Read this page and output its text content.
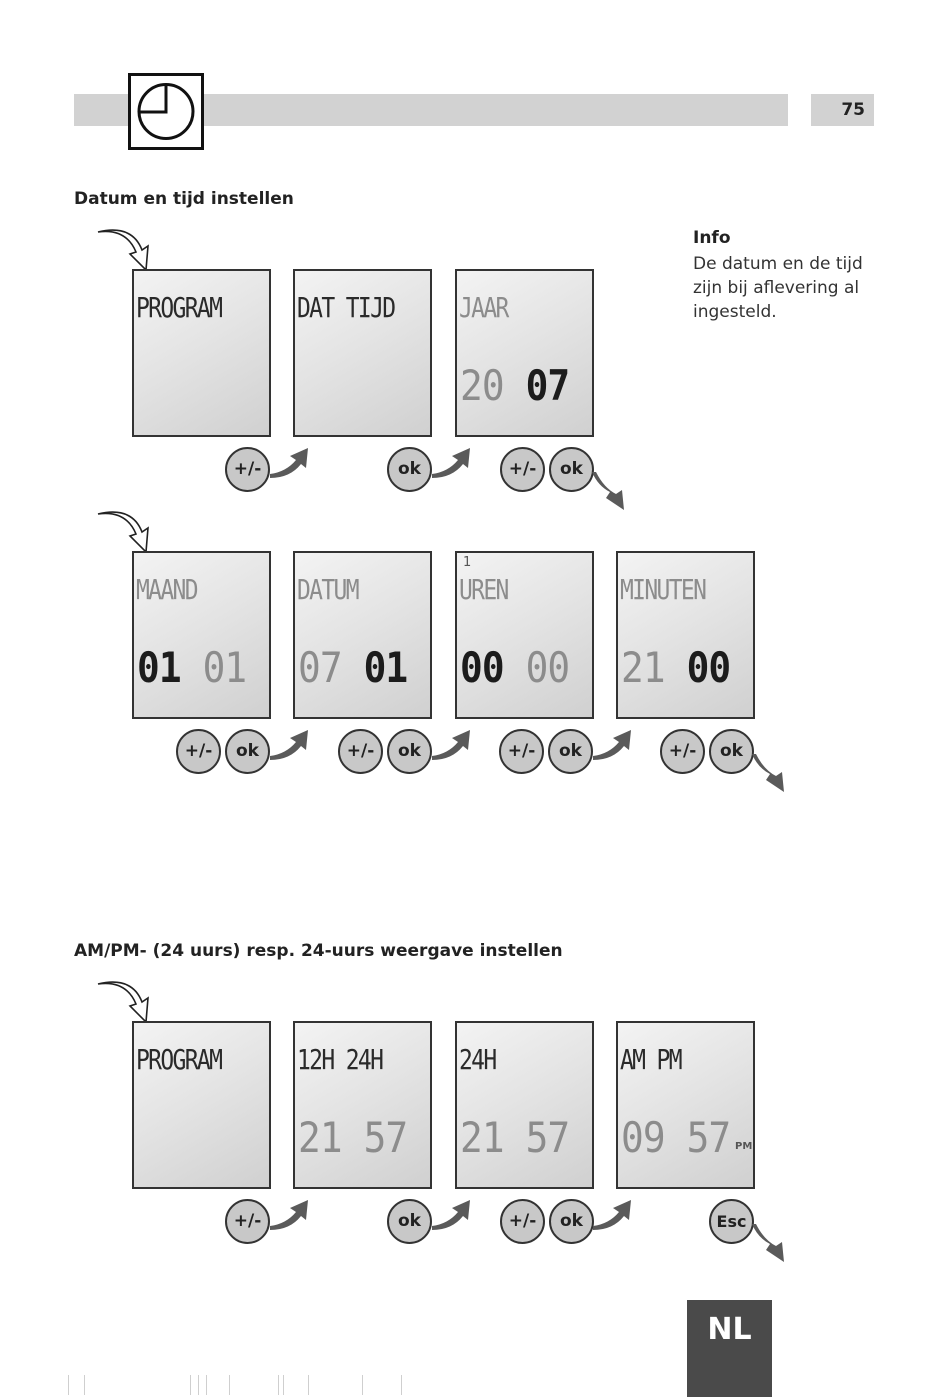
75
Datum en tijd instellen
Info
De datum en de tijd zijn bij aflevering al ingesteld.
PROGRAM	DAT TIJD JAAR
20 07
+/-	ok	+/-	ok
MAAND
01 01
DATUM
07 01
1
UREN
00 00
MINUTEN
21 00
+/-	ok	+/-	ok	+/-	ok	+/-	ok
AM/PM- (24 uurs) resp. 24-uurs weergave instellen
PROGRAM	12H 24H
21 57
24H
21 57
AM PM
09 57 PM
+/-	ok	+/-	ok	Esc
NL
